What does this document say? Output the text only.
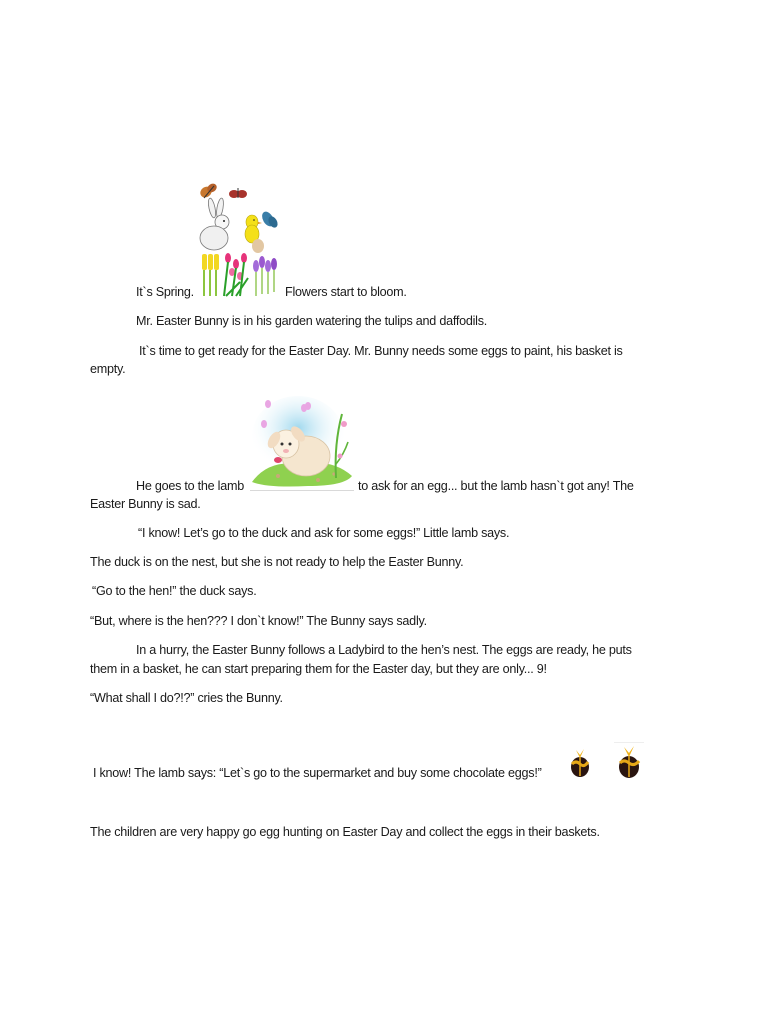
It`s Spring.	Flowers start to bloom.
Mr. Easter Bunny is in his garden watering the tulips and daffodils.
It`s time to get ready for the Easter Day. Mr. Bunny needs some eggs to paint, his basket is
empty.
He goes to the lamb	to ask for an egg... but the lamb hasn`t got any! The
Easter Bunny is sad.
“I know! Let’s go to the duck and ask for some eggs!” Little lamb says.
The duck is on the nest, but she is not ready to help the Easter Bunny.
“Go to the hen!” the duck says.
“But, where is the hen??? I don`t know!” The Bunny says sadly.
In a hurry, the Easter Bunny follows a Ladybird to the hen’s nest. The eggs are ready, he puts
them in a basket, he can start preparing them for the Easter day, but they are only... 9!
“What shall I do?!?” cries the Bunny.
I know! The lamb says: “Let`s go to the supermarket and buy some chocolate eggs!”
The children are very happy go egg hunting on Easter Day and collect the eggs in their baskets.
